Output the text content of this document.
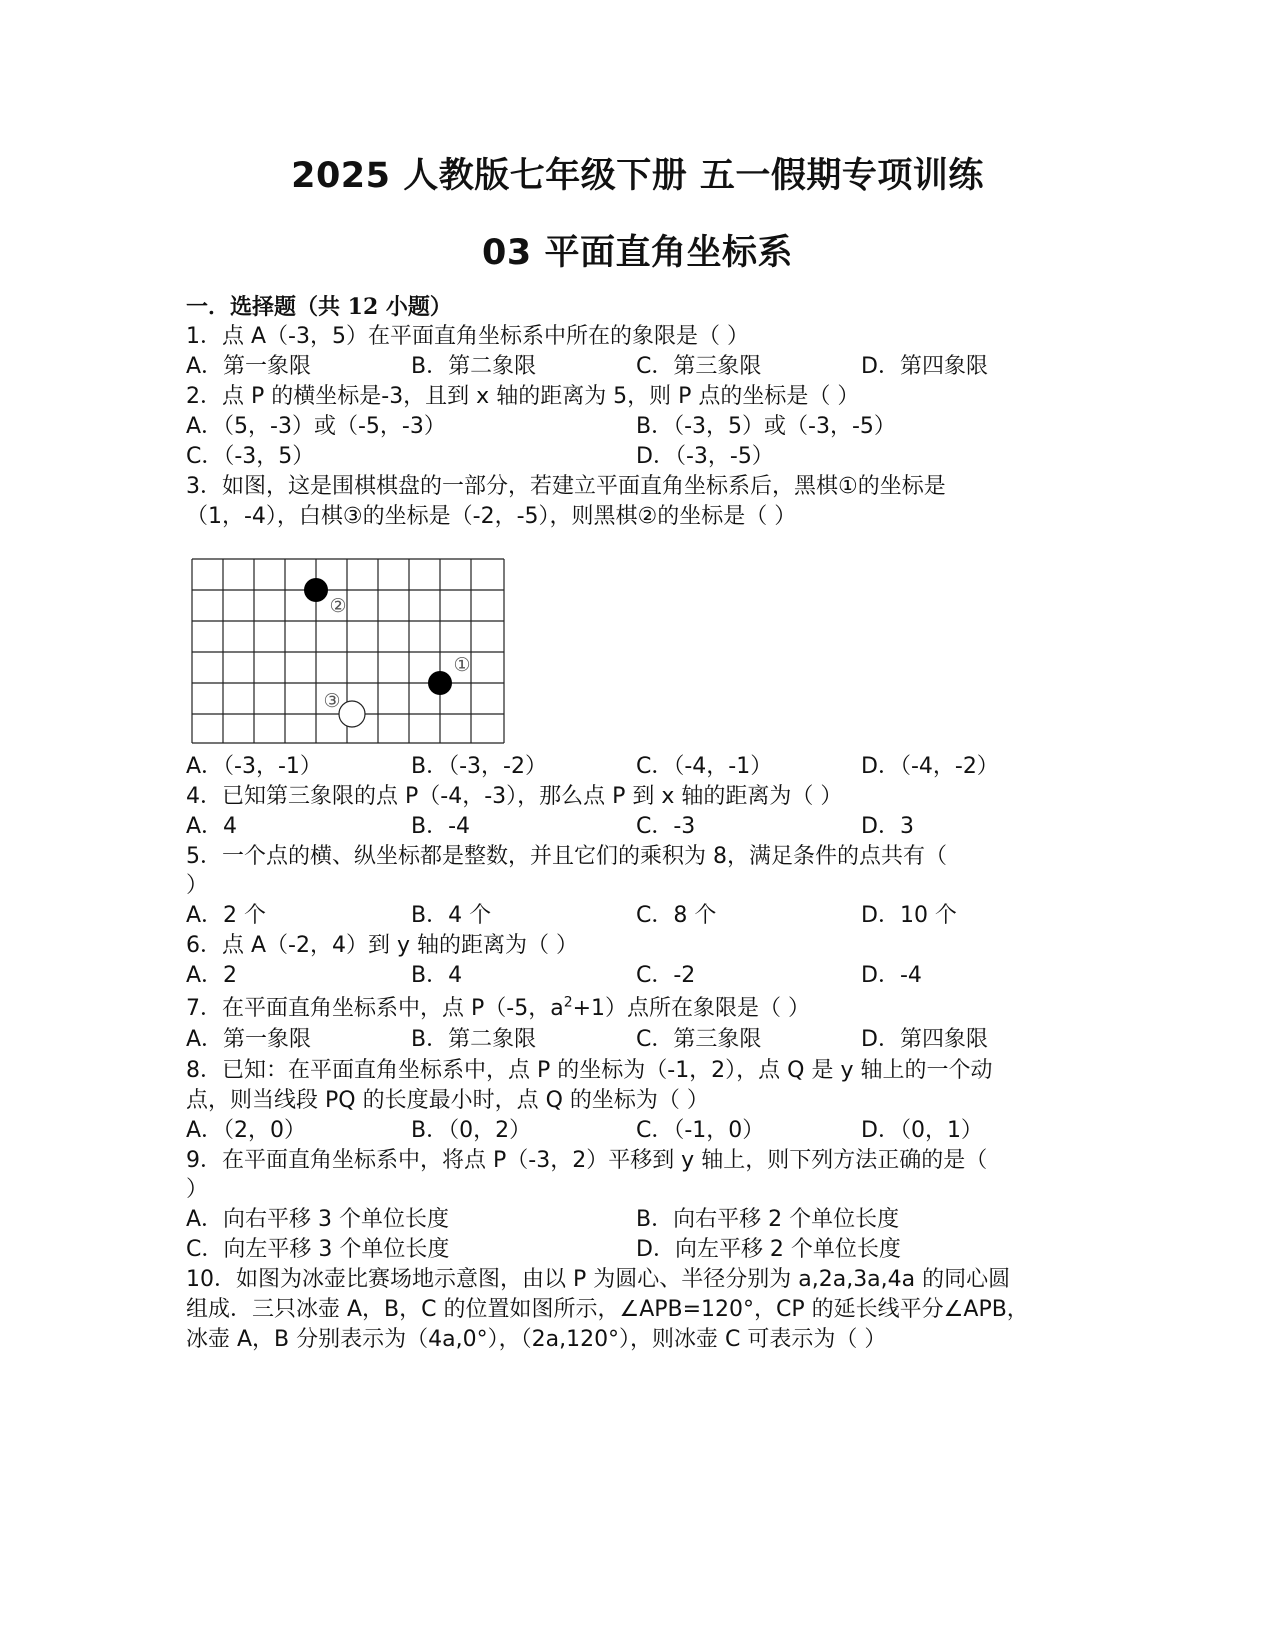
2025 人教版七年级下册 五一假期专项训练
03 平面直角坐标系
一．选择题（共 12 小题）
1．点 A（-3，5）在平面直角坐标系中所在的象限是（ ）
A．第一象限	B．第二象限	C．第三象限	D．第四象限
2．点 P 的横坐标是-3，且到 x 轴的距离为 5，则 P 点的坐标是（ ）
A．（5，-3）或（-5，-3）	B．（-3，5）或（-3，-5）
C．（-3，5）	D．（-3，-5）
3．如图，这是围棋棋盘的一部分，若建立平面直角坐标系后，黑棋①的坐标是
（1，-4），白棋③的坐标是（-2，-5），则黑棋②的坐标是（ ）
②
①
③
A．（-3，-1）	B．（-3，-2）	C．（-4，-1）	D．（-4，-2）
4．已知第三象限的点 P（-4，-3），那么点 P 到 x 轴的距离为（ ）
A．4	B．-4	C．-3	D．3
5．一个点的横、纵坐标都是整数，并且它们的乘积为 8，满足条件的点共有（
）
A．2 个	B．4 个	C．8 个	D．10 个
6．点 A（-2，4）到 y 轴的距离为（ ）
A．2	B．4	C．-2	D．-4
7．在平面直角坐标系中，点 P（-5，$a^2+1$）点所在象限是（ ）
A．第一象限	B．第二象限	C．第三象限	D．第四象限
8．已知：在平面直角坐标系中，点 P 的坐标为（-1，2），点 Q 是 y 轴上的一个动
点，则当线段 PQ 的长度最小时，点 Q 的坐标为（ ）
A．（2，0）	B．（0，2）	C．（-1，0）	D．（0，1）
9．在平面直角坐标系中，将点 P（-3，2）平移到 y 轴上，则下列方法正确的是（
）
A．向右平移 3 个单位长度	B．向右平移 2 个单位长度
C．向左平移 3 个单位长度	D．向左平移 2 个单位长度
10．如图为冰壶比赛场地示意图，由以 P 为圆心、半径分别为 a,2a,3a,4a 的同心圆
组成．三只冰壶 A，B，C 的位置如图所示，∠APB=120°，CP 的延长线平分∠APB，
冰壶 A，B 分别表示为（4a,0°），（2a,120°），则冰壶 C 可表示为（ ）
